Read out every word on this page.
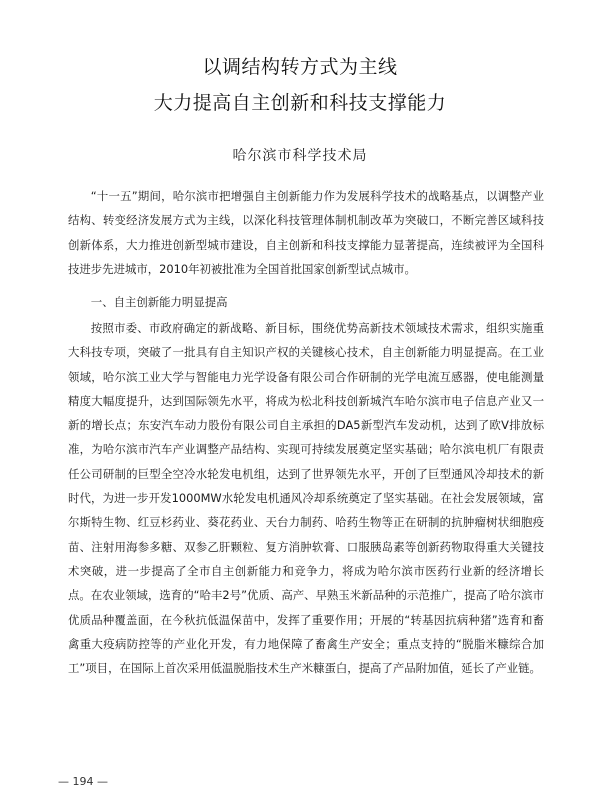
以调结构转方式为主线
大力提高自主创新和科技支撑能力
哈尔滨市科学技术局

“十一五”期间，哈尔滨市把增强自主创新能力作为发展科学技术的战略基点，以调整产业结构、转变经济发展方式为主线，以深化科技管理体制机制改革为突破口，不断完善区域科技创新体系，大力推进创新型城市建设，自主创新和科技支撑能力显著提高，连续被评为全国科技进步先进城市，2010年初被批准为全国首批国家创新型试点城市。

一、自主创新能力明显提高

按照市委、市政府确定的新战略、新目标，围绕优势高新技术领域技术需求，组织实施重大科技专项，突破了一批具有自主知识产权的关键核心技术，自主创新能力明显提高。在工业领域，哈尔滨工业大学与智能电力光学设备有限公司合作研制的光学电流互感器，使电能测量精度大幅度提升，达到国际领先水平，将成为松北科技创新城汽车哈尔滨市电子信息产业又一新的增长点；东安汽车动力股份有限公司自主承担的DA5新型汽车发动机，达到了欧Ⅴ排放标准，为哈尔滨市汽车产业调整产品结构、实现可持续发展奠定坚实基础；哈尔滨电机厂有限责任公司研制的巨型全空冷水轮发电机组，达到了世界领先水平，开创了巨型通风冷却技术的新时代，为进一步开发1000MW水轮发电机通风冷却系统奠定了坚实基础。在社会发展领域，富尔斯特生物、红豆杉药业、葵花药业、天台力制药、哈药生物等正在研制的抗肿瘤树状细胞疫苗、注射用海参多糖、双参乙肝颗粒、复方消肿软膏、口服胰岛素等创新药物取得重大关键技术突破，进一步提高了全市自主创新能力和竞争力，将成为哈尔滨市医药行业新的经济增长点。在农业领域，选育的“哈丰2号”优质、高产、早熟玉米新品种的示范推广，提高了哈尔滨市优质品种覆盖面，在今秋抗低温保苗中，发挥了重要作用；开展的“转基因抗病种猪”选育和畜禽重大疫病防控等的产业化开发，有力地保障了畜禽生产安全；重点支持的“脱脂米糠综合加工”项目，在国际上首次采用低温脱脂技术生产米糠蛋白，提高了产品附加值，延长了产业链。

— 194 —
